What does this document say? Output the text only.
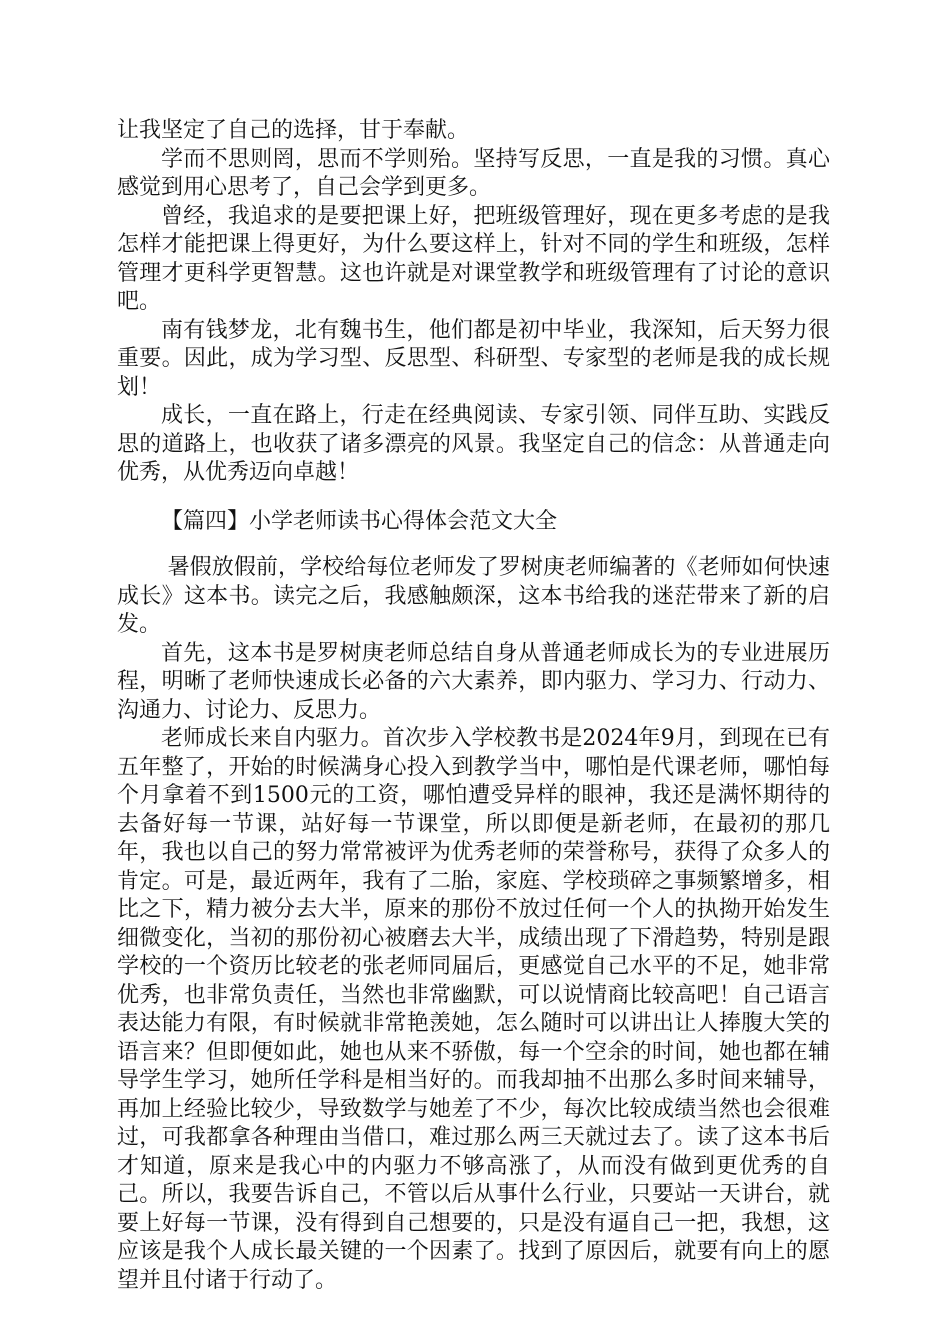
让我坚定了自己的选择，甘于奉献。

学而不思则罔，思而不学则殆。坚持写反思，一直是我的习惯。真心感觉到用心思考了，自己会学到更多。

曾经，我追求的是要把课上好，把班级管理好，现在更多考虑的是我怎样才能把课上得更好，为什么要这样上，针对不同的学生和班级，怎样管理才更科学更智慧。这也许就是对课堂教学和班级管理有了讨论的意识吧。

南有钱梦龙，北有魏书生，他们都是初中毕业，我深知，后天努力很重要。因此，成为学习型、反思型、科研型、专家型的老师是我的成长规划！

成长，一直在路上，行走在经典阅读、专家引领、同伴互助、实践反思的道路上，也收获了诸多漂亮的风景。我坚定自己的信念：从普通走向优秀，从优秀迈向卓越！

【篇四】小学老师读书心得体会范文大全

暑假放假前，学校给每位老师发了罗树庚老师编著的《老师如何快速成长》这本书。读完之后，我感触颇深，这本书给我的迷茫带来了新的启发。

首先，这本书是罗树庚老师总结自身从普通老师成长为的专业进展历程，明晰了老师快速成长必备的六大素养，即内驱力、学习力、行动力、沟通力、讨论力、反思力。

老师成长来自内驱力。首次步入学校教书是2024年9月，到现在已有五年整了，开始的时候满身心投入到教学当中，哪怕是代课老师，哪怕每个月拿着不到1500元的工资，哪怕遭受异样的眼神，我还是满怀期待的去备好每一节课，站好每一节课堂，所以即便是新老师，在最初的那几年，我也以自己的努力常常被评为优秀老师的荣誉称号，获得了众多人的肯定。可是，最近两年，我有了二胎，家庭、学校琐碎之事频繁增多，相比之下，精力被分去大半，原来的那份不放过任何一个人的执拗开始发生细微变化，当初的那份初心被磨去大半，成绩出现了下滑趋势，特别是跟学校的一个资历比较老的张老师同届后，更感觉自己水平的不足，她非常优秀，也非常负责任，当然也非常幽默，可以说情商比较高吧！自己语言表达能力有限，有时候就非常艳羡她，怎么随时可以讲出让人捧腹大笑的语言来？但即便如此，她也从来不骄傲，每一个空余的时间，她也都在辅导学生学习，她所任学科是相当好的。而我却抽不出那么多时间来辅导，再加上经验比较少，导致数学与她差了不少，每次比较成绩当然也会很难过，可我都拿各种理由当借口，难过那么两三天就过去了。读了这本书后才知道，原来是我心中的内驱力不够高涨了，从而没有做到更优秀的自己。所以，我要告诉自己，不管以后从事什么行业，只要站一天讲台，就要上好每一节课，没有得到自己想要的，只是没有逼自己一把，我想，这应该是我个人成长最关键的一个因素了。找到了原因后，就要有向上的愿望并且付诸于行动了。
